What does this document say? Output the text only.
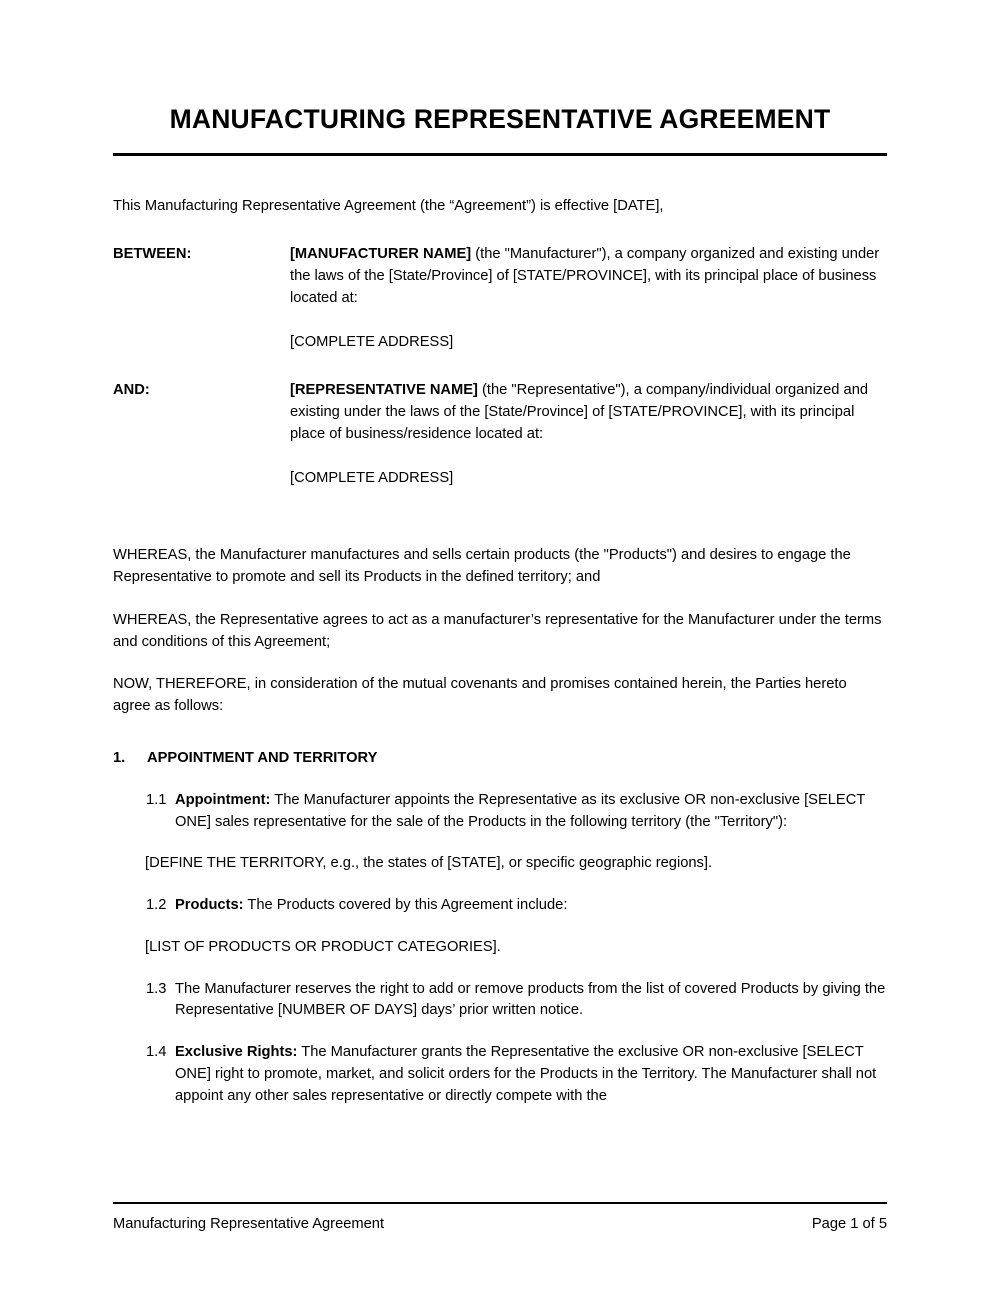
MANUFACTURING REPRESENTATIVE AGREEMENT

This Manufacturing Representative Agreement (the “Agreement”) is effective [DATE],

BETWEEN:	[MANUFACTURER NAME] (the "Manufacturer"), a company organized and existing under the laws of the [State/Province] of [STATE/PROVINCE], with its principal place of business located at:
[COMPLETE ADDRESS]
AND:	[REPRESENTATIVE NAME] (the "Representative"), a company/individual organized and existing under the laws of the [State/Province] of [STATE/PROVINCE], with its principal place of business/residence located at:
[COMPLETE ADDRESS]

WHEREAS, the Manufacturer manufactures and sells certain products (the "Products") and desires to engage the Representative to promote and sell its Products in the defined territory; and

WHEREAS, the Representative agrees to act as a manufacturer’s representative for the Manufacturer under the terms and conditions of this Agreement;

NOW, THEREFORE, in consideration of the mutual covenants and promises contained herein, the Parties hereto agree as follows:

1.	APPOINTMENT AND TERRITORY
1.1 Appointment: The Manufacturer appoints the Representative as its exclusive OR non-exclusive [SELECT ONE] sales representative for the sale of the Products in the following territory (the "Territory"):
[DEFINE THE TERRITORY, e.g., the states of [STATE], or specific geographic regions].
1.2 Products: The Products covered by this Agreement include:
[LIST OF PRODUCTS OR PRODUCT CATEGORIES].
1.3 The Manufacturer reserves the right to add or remove products from the list of covered Products by giving the Representative [NUMBER OF DAYS] days’ prior written notice.
1.4 Exclusive Rights: The Manufacturer grants the Representative the exclusive OR non-exclusive [SELECT ONE] right to promote, market, and solicit orders for the Products in the Territory. The Manufacturer shall not appoint any other sales representative or directly compete with the
Manufacturing Representative Agreement	Page 1 of 5
